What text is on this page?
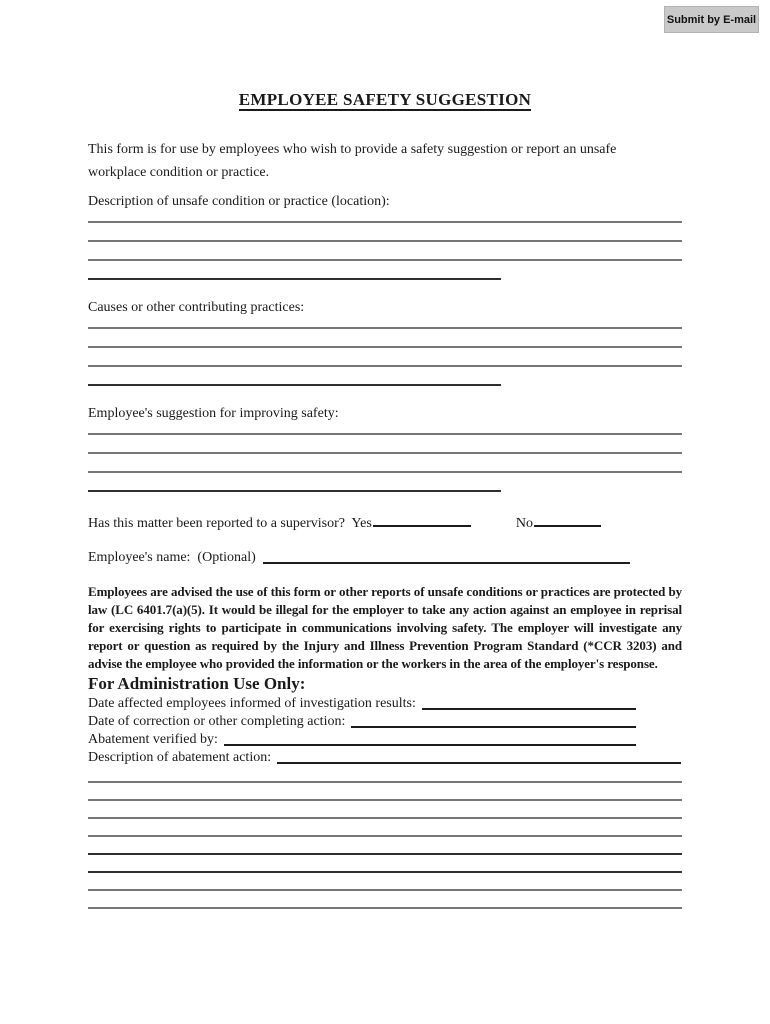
Submit by E-mail
EMPLOYEE SAFETY SUGGESTION
This form is for use by employees who wish to provide a safety suggestion or report an unsafe
workplace condition or practice.
Description of unsafe condition or practice (location):
Causes or other contributing practices:
Employee's suggestion for improving safety:
Has this matter been reported to a supervisor?  Yes	No
Employee's name:  (Optional)
Employees are advised the use of this form or other reports of unsafe conditions or practices are protected by
law (LC 6401.7(a)(5). It would be illegal for the employer to take any action against an employee in reprisal
for exercising rights to participate in communications involving safety. The employer will investigate any
report or question as required by the Injury and Illness Prevention Program Standard (*CCR 3203) and
advise the employee who provided the information or the workers in the area of the employer's response.
For Administration Use Only:
Date affected employees informed of investigation results:
Date of correction or other completing action:
Abatement verified by:
Description of abatement action:
